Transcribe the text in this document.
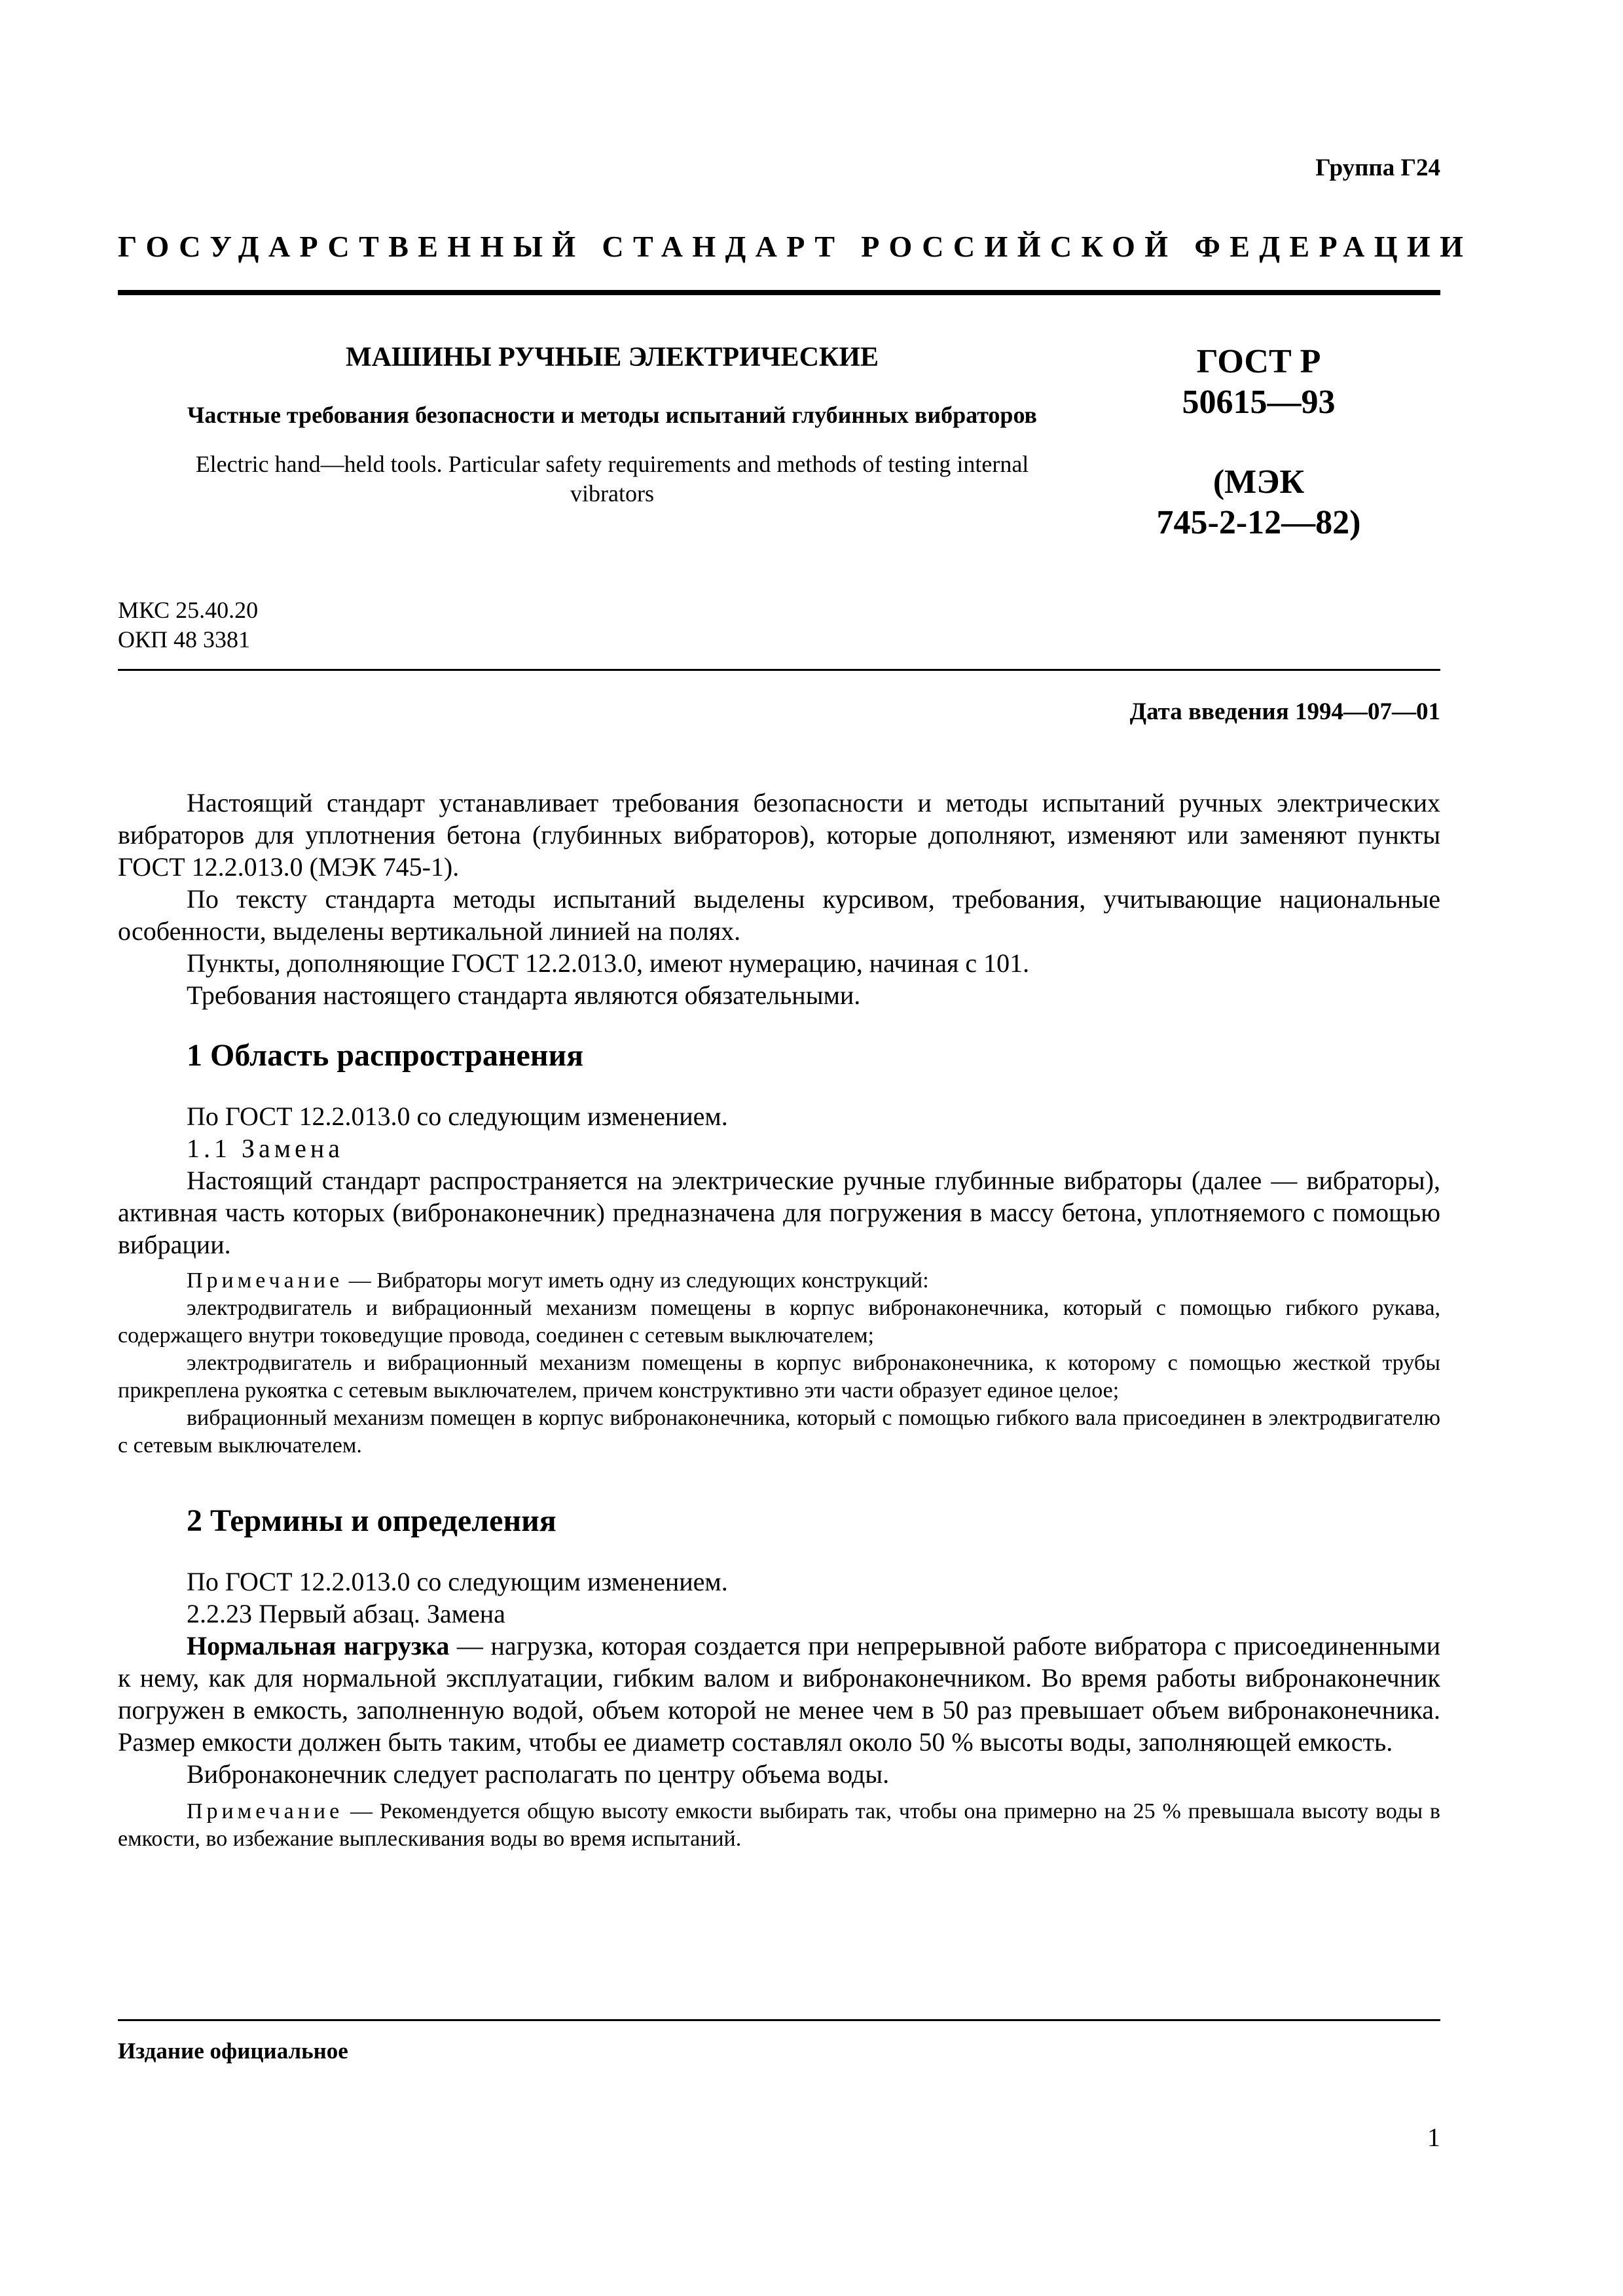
Группа Г24
ГОСУДАРСТВЕННЫЙ СТАНДАРТ РОССИЙСКОЙ ФЕДЕРАЦИИ

МАШИНЫ РУЧНЫЕ ЭЛЕКТРИЧЕСКИЕ

Частные требования безопасности и методы испытаний глубинных вибраторов

Electric hand—held tools. Particular safety requirements and methods of testing internal vibrators

ГОСТ Р
50615—93
(МЭК
745-2-12—82)
МКС 25.40.20
ОКП 48 3381
Дата введения 1994—07—01

Настоящий стандарт устанавливает требования безопасности и методы испытаний ручных электрических вибраторов для уплотнения бетона (глубинных вибраторов), которые дополняют, изменяют или заменяют пункты ГОСТ 12.2.013.0 (МЭК 745-1).

По тексту стандарта методы испытаний выделены курсивом, требования, учитывающие национальные особенности, выделены вертикальной линией на полях.

Пункты, дополняющие ГОСТ 12.2.013.0, имеют нумерацию, начиная с 101.

Требования настоящего стандарта являются обязательными.

1 Область распространения

По ГОСТ 12.2.013.0 со следующим изменением.

1.1 Замена

Настоящий стандарт распространяется на электрические ручные глубинные вибраторы (далее — вибраторы), активная часть которых (вибронаконечник) предназначена для погружения в массу бетона, уплотняемого с помощью вибрации.

Примечание — Вибраторы могут иметь одну из следующих конструкций:

электродвигатель и вибрационный механизм помещены в корпус вибронаконечника, который с помощью гибкого рукава, содержащего внутри токоведущие провода, соединен с сетевым выключателем;

электродвигатель и вибрационный механизм помещены в корпус вибронаконечника, к которому с помощью жесткой трубы прикреплена рукоятка с сетевым выключателем, причем конструктивно эти части образует единое целое;

вибрационный механизм помещен в корпус вибронаконечника, который с помощью гибкого вала присоединен в электродвигателю с сетевым выключателем.

2 Термины и определения

По ГОСТ 12.2.013.0 со следующим изменением.

2.2.23 Первый абзац. Замена

Нормальная нагрузка — нагрузка, которая создается при непрерывной работе вибратора с присоединенными к нему, как для нормальной эксплуатации, гибким валом и вибронаконечником. Во время работы вибронаконечник погружен в емкость, заполненную водой, объем которой не менее чем в 50 раз превышает объем вибронаконечника. Размер емкости должен быть таким, чтобы ее диаметр составлял около 50 % высоты воды, заполняющей емкость.

Вибронаконечник следует располагать по центру объема воды.

Примечание — Рекомендуется общую высоту емкости выбирать так, чтобы она примерно на 25 % превышала высоту воды в емкости, во избежание выплескивания воды во время испытаний.

Издание официальное
1
